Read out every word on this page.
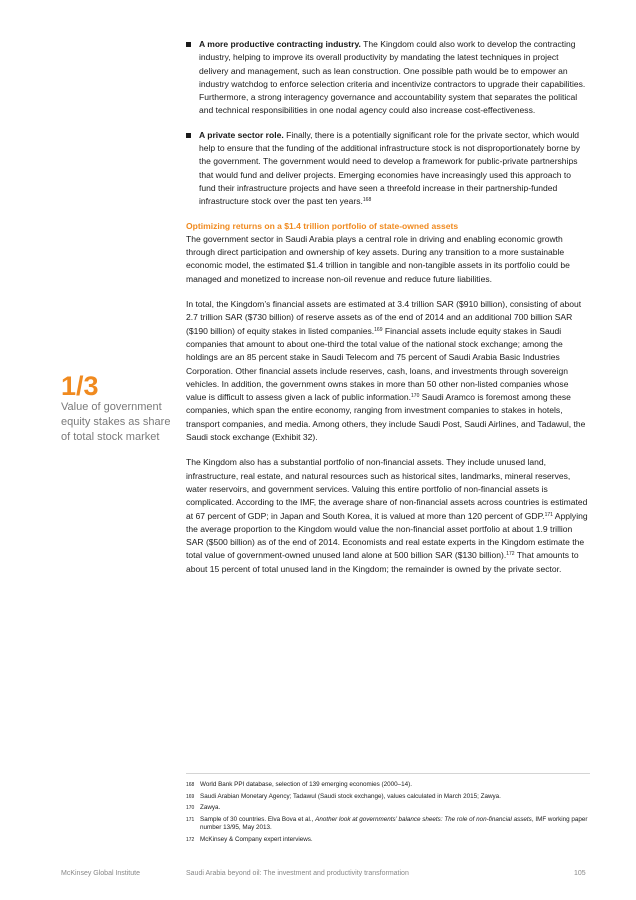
A more productive contracting industry. The Kingdom could also work to develop the contracting industry, helping to improve its overall productivity by mandating the latest techniques in project delivery and management, such as lean construction. One possible path would be to empower an industry watchdog to enforce selection criteria and incentivize contractors to upgrade their capabilities. Furthermore, a strong interagency governance and accountability system that separates the political and technical responsibilities in one nodal agency could also increase cost-effectiveness.
A private sector role. Finally, there is a potentially significant role for the private sector, which would help to ensure that the funding of the additional infrastructure stock is not disproportionately borne by the government. The government would need to develop a framework for public-private partnerships that would fund and deliver projects. Emerging economies have increasingly used this approach to fund their infrastructure projects and have seen a threefold increase in their partnership-funded infrastructure stock over the past ten years.$^{168}$
Optimizing returns on a $1.4 trillion portfolio of state-owned assets

The government sector in Saudi Arabia plays a central role in driving and enabling economic growth through direct participation and ownership of key assets. During any transition to a more sustainable economic model, the estimated $1.4 trillion in tangible and non-tangible assets in its portfolio could be managed and monetized to increase non-oil revenue and reduce future liabilities.

In total, the Kingdom’s financial assets are estimated at 3.4 trillion SAR ($910 billion), consisting of about 2.7 trillion SAR ($730 billion) of reserve assets as of the end of 2014 and an additional 700 billion SAR ($190 billion) of equity stakes in listed companies.$^{169}$ Financial assets include equity stakes in Saudi companies that amount to about one-third the total value of the national stock exchange; among the holdings are an 85 percent stake in Saudi Telecom and 75 percent of Saudi Arabia Basic Industries Corporation. Other financial assets include reserves, cash, loans, and investments through sovereign vehicles. In addition, the government owns stakes in more than 50 other non-listed companies whose value is difficult to assess given a lack of public information.$^{170}$ Saudi Aramco is foremost among these companies, which span the entire economy, ranging from investment companies to stakes in hotels, transport companies, and media. Among others, they include Saudi Post, Saudi Airlines, and Tadawul, the Saudi stock exchange (Exhibit 32).

The Kingdom also has a substantial portfolio of non-financial assets. They include unused land, infrastructure, real estate, and natural resources such as historical sites, landmarks, mineral reserves, water reservoirs, and government services. Valuing this entire portfolio of non-financial assets is complicated. According to the IMF, the average share of non-financial assets across countries is estimated at 67 percent of GDP; in Japan and South Korea, it is valued at more than 120 percent of GDP.$^{171}$ Applying the average proportion to the Kingdom would value the non-financial asset portfolio at about 1.9 trillion SAR ($500 billion) as of the end of 2014. Economists and real estate experts in the Kingdom estimate the total value of government-owned unused land alone at 500 billion SAR ($130 billion).$^{172}$ That amounts to about 15 percent of total unused land in the Kingdom; the remainder is owned by the private sector.

1/3
Value of government equity stakes as share of total stock market
168 World Bank PPI database, selection of 139 emerging economies (2000–14).
169 Saudi Arabian Monetary Agency; Tadawul (Saudi stock exchange), values calculated in March 2015; Zawya.
170 Zawya.
171 Sample of 30 countries. Elva Bova et al., Another look at governments’ balance sheets: The role of non-financial assets, IMF working paper number 13/95, May 2013.
172 McKinsey & Company expert interviews.
McKinsey Global Institute	Saudi Arabia beyond oil: The investment and productivity transformation	105
